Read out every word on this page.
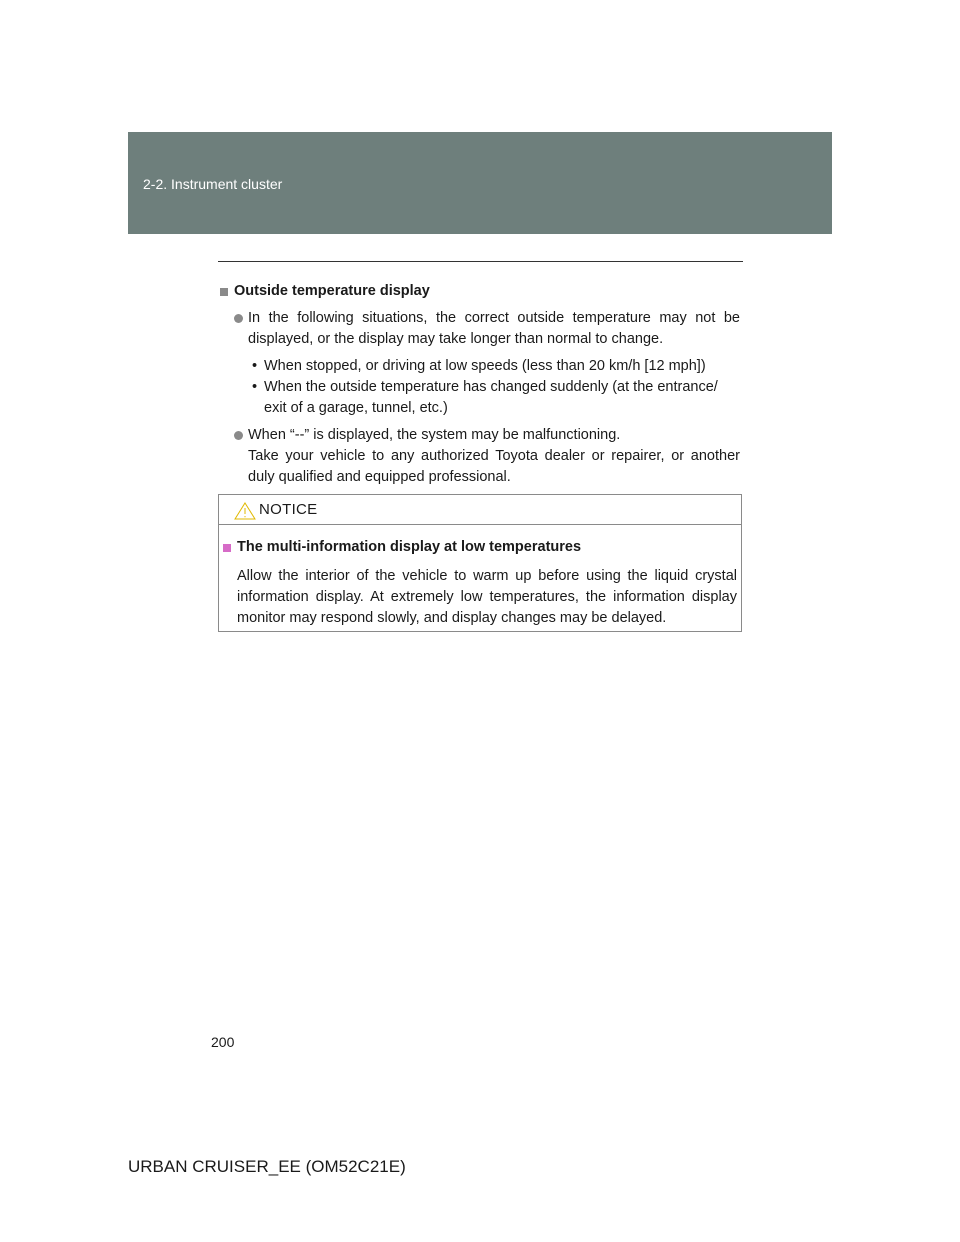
2-2. Instrument cluster
Outside temperature display
In the following situations, the correct outside temperature may not be displayed, or the display may take longer than normal to change.
• When stopped, or driving at low speeds (less than 20 km/h [12 mph])
• When the outside temperature has changed suddenly (at the entrance/ exit of a garage, tunnel, etc.)
When “--” is displayed, the system may be malfunctioning.
Take your vehicle to any authorized Toyota dealer or repairer, or another duly qualified and equipped professional.
NOTICE
The multi-information display at low temperatures
Allow the interior of the vehicle to warm up before using the liquid crystal information display. At extremely low temperatures, the information display monitor may respond slowly, and display changes may be delayed.
200
URBAN CRUISER_EE (OM52C21E)
